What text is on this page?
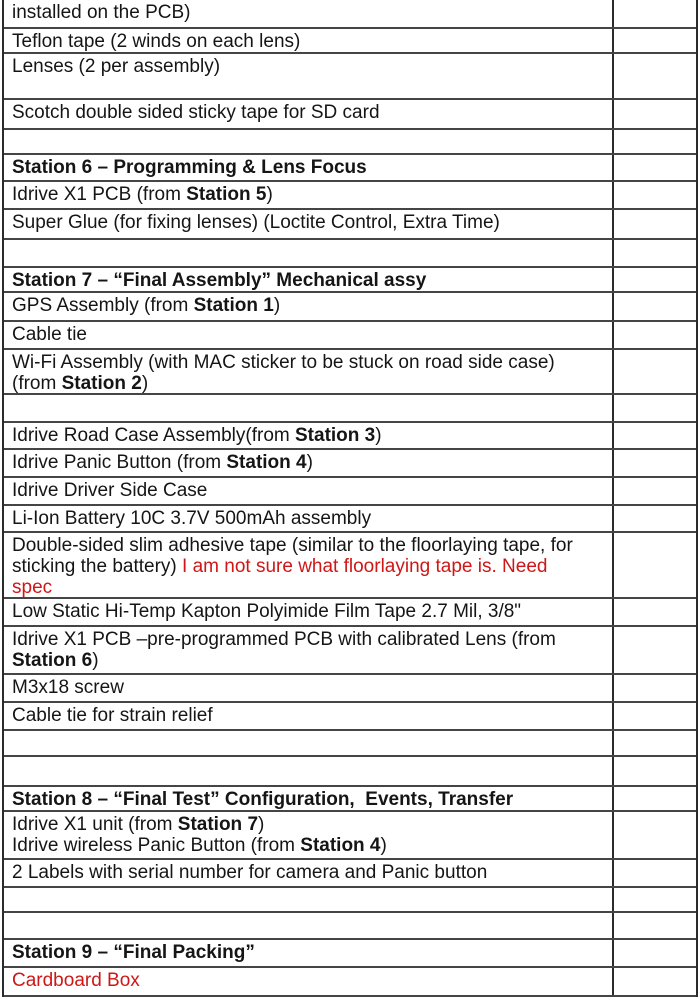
installed on the PCB)
Teflon tape (2 winds on each lens)
Lenses (2 per assembly)
Scotch double sided sticky tape for SD card
Station 6 – Programming & Lens Focus
Idrive X1 PCB (from Station 5)
Super Glue (for fixing lenses) (Loctite Control, Extra Time)
Station 7 – “Final Assembly” Mechanical assy
GPS Assembly (from Station 1)
Cable tie
Wi-Fi Assembly (with MAC sticker to be stuck on road side case)
(from Station 2)
Idrive Road Case Assembly(from Station 3)
Idrive Panic Button (from Station 4)
Idrive Driver Side Case
Li-Ion Battery 10C 3.7V 500mAh assembly
Double-sided slim adhesive tape (similar to the floorlaying tape, for
sticking the battery) I am not sure what floorlaying tape is. Need
spec
Low Static Hi-Temp Kapton Polyimide Film Tape 2.7 Mil, 3/8"
Idrive X1 PCB –pre-programmed PCB with calibrated Lens (from
Station 6)
M3x18 screw
Cable tie for strain relief
Station 8 – “Final Test” Configuration,  Events, Transfer
Idrive X1 unit (from Station 7)
Idrive wireless Panic Button (from Station 4)
2 Labels with serial number for camera and Panic button
Station 9 – “Final Packing”
Cardboard Box
